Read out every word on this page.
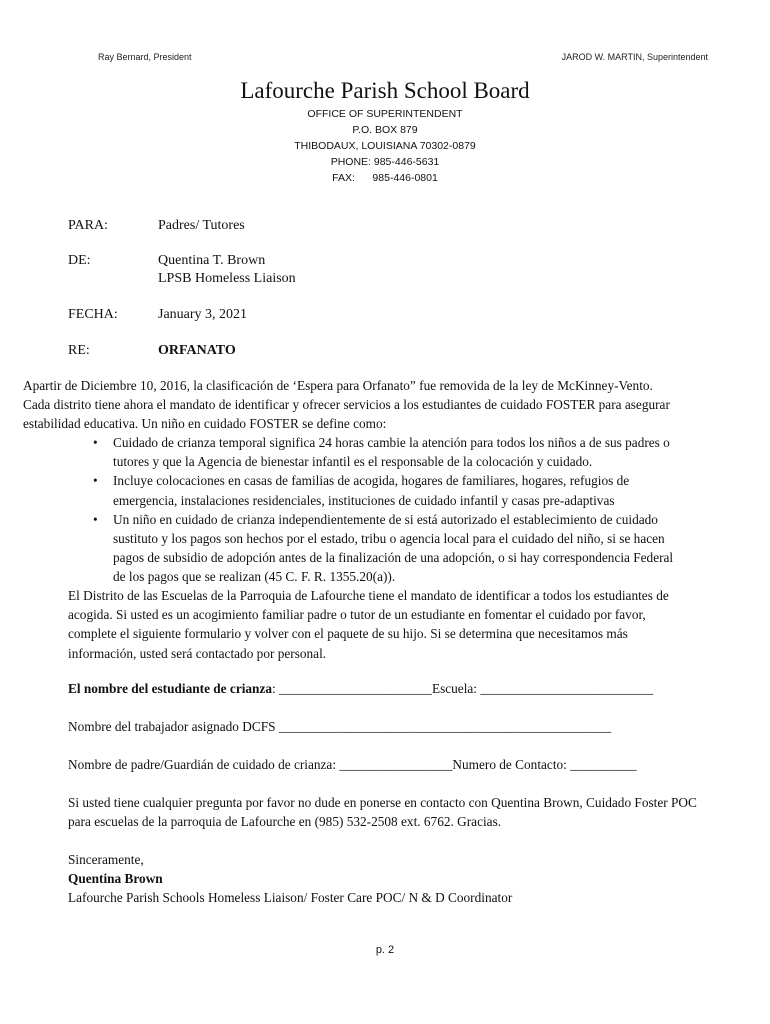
Ray Bernard, President	JAROD W. MARTIN, Superintendent
Lafourche Parish School Board
OFFICE OF SUPERINTENDENT
P.O. BOX 879
THIBODAUX, LOUISIANA 70302-0879
PHONE: 985-446-5631
FAX:      985-446-0801
PARA:	Padres/ Tutores
DE:	Quentina T. Brown
LPSB Homeless Liaison
FECHA:	January 3, 2021
RE:	ORFANATO
Apartir de Diciembre 10, 2016, la clasificación de ‘Espera para Orfanato” fue removida de la ley de McKinney-Vento.
Cada distrito tiene ahora el mandato de identificar y ofrecer servicios a los estudiantes de cuidado FOSTER para asegurar
estabilidad educativa. Un niño en cuidado FOSTER se define como:
• Cuidado de crianza temporal significa 24 horas cambie la atención para todos los niños a de sus padres o
tutores y que la Agencia de bienestar infantil es el responsable de la colocación y cuidado.
• Incluye colocaciones en casas de familias de acogida, hogares de familiares, hogares, refugios de
emergencia, instalaciones residenciales, instituciones de cuidado infantil y casas pre-adaptivas
• Un niño en cuidado de crianza independientemente de si está autorizado el establecimiento de cuidado
sustituto y los pagos son hechos por el estado, tribu o agencia local para el cuidado del niño, si se hacen
pagos de subsidio de adopción antes de la finalización de una adopción, o si hay correspondencia Federal
de los pagos que se realizan (45 C. F. R. 1355.20(a)).
El Distrito de las Escuelas de la Parroquia de Lafourche tiene el mandato de identificar a todos los estudiantes de
acogida. Si usted es un acogimiento familiar padre o tutor de un estudiante en fomentar el cuidado por favor,
complete el siguiente formulario y volver con el paquete de su hijo. Si se determina que necesitamos más
información, usted será contactado por personal.
El nombre del estudiante de crianza: _______________________Escuela: __________________________
Nombre del trabajador asignado DCFS __________________________________________________
Nombre de padre/Guardián de cuidado de crianza: _________________Numero de Contacto: __________
Si usted tiene cualquier pregunta por favor no dude en ponerse en contacto con Quentina Brown, Cuidado Foster POC
para escuelas de la parroquia de Lafourche en (985) 532-2508 ext. 6762. Gracias.
Sinceramente,
Quentina Brown
Lafourche Parish Schools Homeless Liaison/ Foster Care POC/ N & D Coordinator
p. 2
